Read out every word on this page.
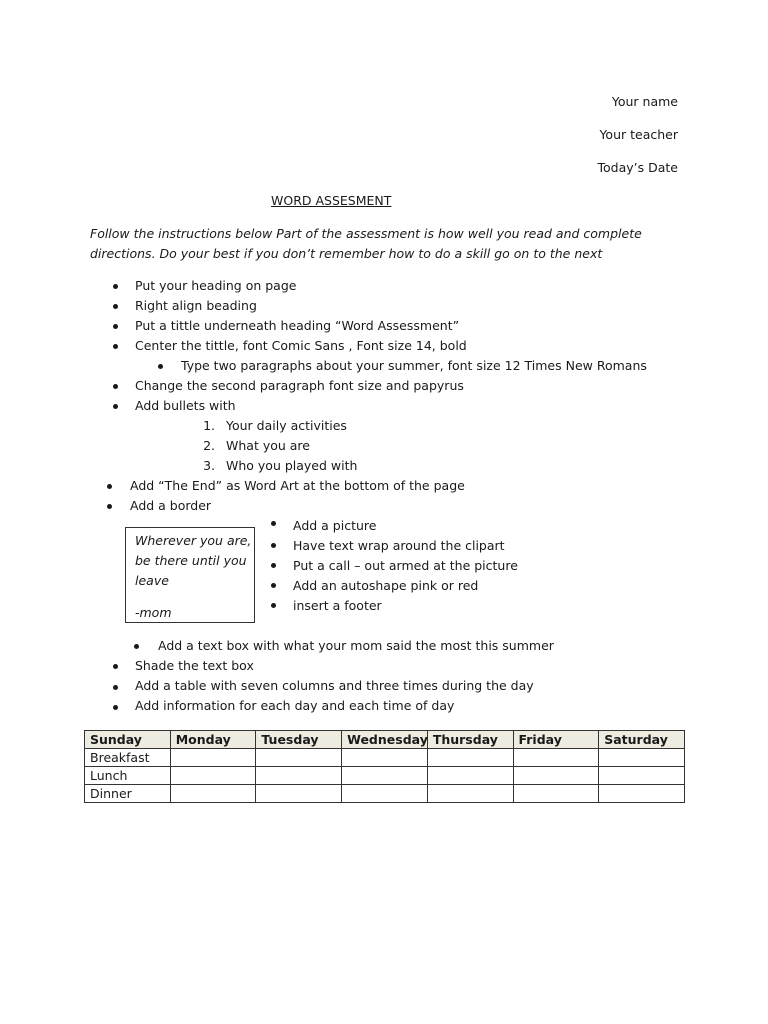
Your name
Your teacher
Today’s Date
WORD ASSESMENT
Follow the instructions below Part of the assessment is how well you read and complete directions. Do your best if you don’t remember how to do a skill go on to the next
Put your heading on page
Right align beading
Put a tittle underneath heading “Word Assessment”
Center the tittle, font Comic Sans , Font size 14, bold
Type two paragraphs about your summer, font size 12 Times New Romans
Change the second paragraph font size and papyrus
Add bullets with
1. Your daily activities
2. What you are
3. Who you played with
Add “The End” as Word Art at the bottom of the page
Add a border
Wherever you are,
be there until you
leave
-mom
Add a picture
Have text wrap around the clipart
Put a call – out armed at the picture
Add an autoshape pink or red
insert a footer
Add a text box with what your mom said the most this summer
Shade the text box
Add a table with seven columns and three times during the day
Add information for each day and each time of day
Sunday	Monday	Tuesday	Wednesday	Thursday	Friday	Saturday
Breakfast						
Lunch						
Dinner						
